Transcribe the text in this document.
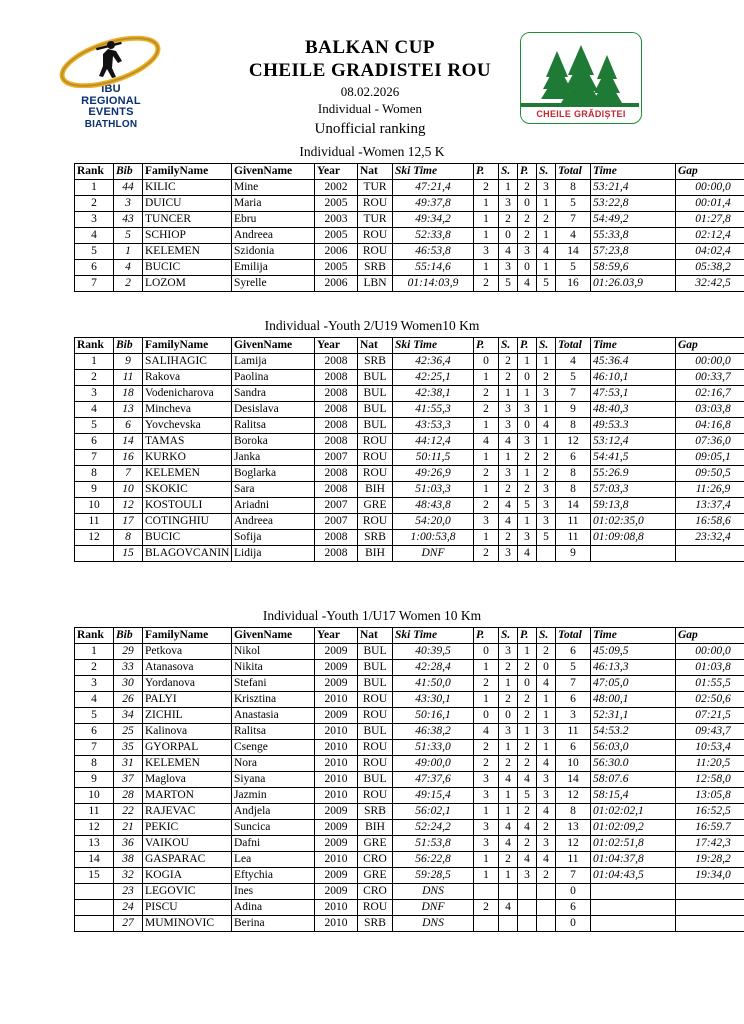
IBU
REGIONAL
EVENTS
BIATHLON
BALKAN CUP
CHEILE GRADISTEI ROU
08.02.2026
Individual - Women
Unofficial ranking
CHEILE GRĂDIȘTEI
Individual -Women 12,5 K
Rank	Bib	FamilyName	GivenName	Year	Nat	Ski Time	P.	S.	P.	S.	Total	Time	Gap
1	44	KILIC	Mine	2002	TUR	47:21,4	2	1	2	3	8	53:21,4	00:00,0
2	3	DUICU	Maria	2005	ROU	49:37,8	1	3	0	1	5	53:22,8	00:01,4
3	43	TUNCER	Ebru	2003	TUR	49:34,2	1	2	2	2	7	54:49,2	01:27,8
4	5	SCHIOP	Andreea	2005	ROU	52:33,8	1	0	2	1	4	55:33,8	02:12,4
5	1	KELEMEN	Szidonia	2006	ROU	46:53,8	3	4	3	4	14	57:23,8	04:02,4
6	4	BUCIC	Emilija	2005	SRB	55:14,6	1	3	0	1	5	58:59,6	05:38,2
7	2	LOZOM	Syrelle	2006	LBN	01:14:03,9	2	5	4	5	16	01:26.03,9	32:42,5
Individual -Youth 2/U19 Women10 Km
Rank	Bib	FamilyName	GivenName	Year	Nat	Ski Time	P.	S.	P.	S.	Total	Time	Gap
1	9	SALIHAGIC	Lamija	2008	SRB	42:36,4	0	2	1	1	4	45:36.4	00:00,0
2	11	Rakova	Paolina	2008	BUL	42:25,1	1	2	0	2	5	46:10,1	00:33,7
3	18	Vodenicharova	Sandra	2008	BUL	42:38,1	2	1	1	3	7	47:53,1	02:16,7
4	13	Mincheva	Desislava	2008	BUL	41:55,3	2	3	3	1	9	48:40,3	03:03,8
5	6	Yovchevska	Ralitsa	2008	BUL	43:53,3	1	3	0	4	8	49:53.3	04:16,8
6	14	TAMAS	Boroka	2008	ROU	44:12,4	4	4	3	1	12	53:12,4	07:36,0
7	16	KURKO	Janka	2007	ROU	50:11,5	1	1	2	2	6	54:41,5	09:05,1
8	7	KELEMEN	Boglarka	2008	ROU	49:26,9	2	3	1	2	8	55:26.9	09:50,5
9	10	SKOKIC	Sara	2008	BIH	51:03,3	1	2	2	3	8	57:03,3	11:26,9
10	12	KOSTOULI	Ariadni	2007	GRE	48:43,8	2	4	5	3	14	59:13,8	13:37,4
11	17	COTINGHIU	Andreea	2007	ROU	54:20,0	3	4	1	3	11	01:02:35,0	16:58,6
12	8	BUCIC	Sofija	2008	SRB	1:00:53,8	1	2	3	5	11	01:09:08,8	23:32,4
	15	BLAGOVCANIN	Lidija	2008	BIH	DNF	2	3	4		9		
Individual -Youth 1/U17 Women 10 Km
Rank	Bib	FamilyName	GivenName	Year	Nat	Ski Time	P.	S.	P.	S.	Total	Time	Gap
1	29	Petkova	Nikol	2009	BUL	40:39,5	0	3	1	2	6	45:09,5	00:00,0
2	33	Atanasova	Nikita	2009	BUL	42:28,4	1	2	2	0	5	46:13,3	01:03,8
3	30	Yordanova	Stefani	2009	BUL	41:50,0	2	1	0	4	7	47:05,0	01:55,5
4	26	PALYI	Krisztina	2010	ROU	43:30,1	1	2	2	1	6	48:00,1	02:50,6
5	34	ZICHIL	Anastasia	2009	ROU	50:16,1	0	0	2	1	3	52:31,1	07:21,5
6	25	Kalinova	Ralitsa	2010	BUL	46:38,2	4	3	1	3	11	54:53.2	09:43,7
7	35	GYORPAL	Csenge	2010	ROU	51:33,0	2	1	2	1	6	56:03,0	10:53,4
8	31	KELEMEN	Nora	2010	ROU	49:00,0	2	2	2	4	10	56:30.0	11:20,5
9	37	Maglova	Siyana	2010	BUL	47:37,6	3	4	4	3	14	58:07.6	12:58,0
10	28	MARTON	Jazmin	2010	ROU	49:15,4	3	1	5	3	12	58:15,4	13:05,8
11	22	RAJEVAC	Andjela	2009	SRB	56:02,1	1	1	2	4	8	01:02:02,1	16:52,5
12	21	PEKIC	Suncica	2009	BIH	52:24,2	3	4	4	2	13	01:02:09,2	16:59.7
13	36	VAIKOU	Dafni	2009	GRE	51:53,8	3	4	2	3	12	01:02:51,8	17:42,3
14	38	GASPARAC	Lea	2010	CRO	56:22,8	1	2	4	4	11	01:04:37,8	19:28,2
15	32	KOGIA	Eftychia	2009	GRE	59:28,5	1	1	3	2	7	01:04:43,5	19:34,0
	23	LEGOVIC	Ines	2009	CRO	DNS					0		
	24	PISCU	Adina	2010	ROU	DNF	2	4			6		
	27	MUMINOVIC	Berina	2010	SRB	DNS					0		
